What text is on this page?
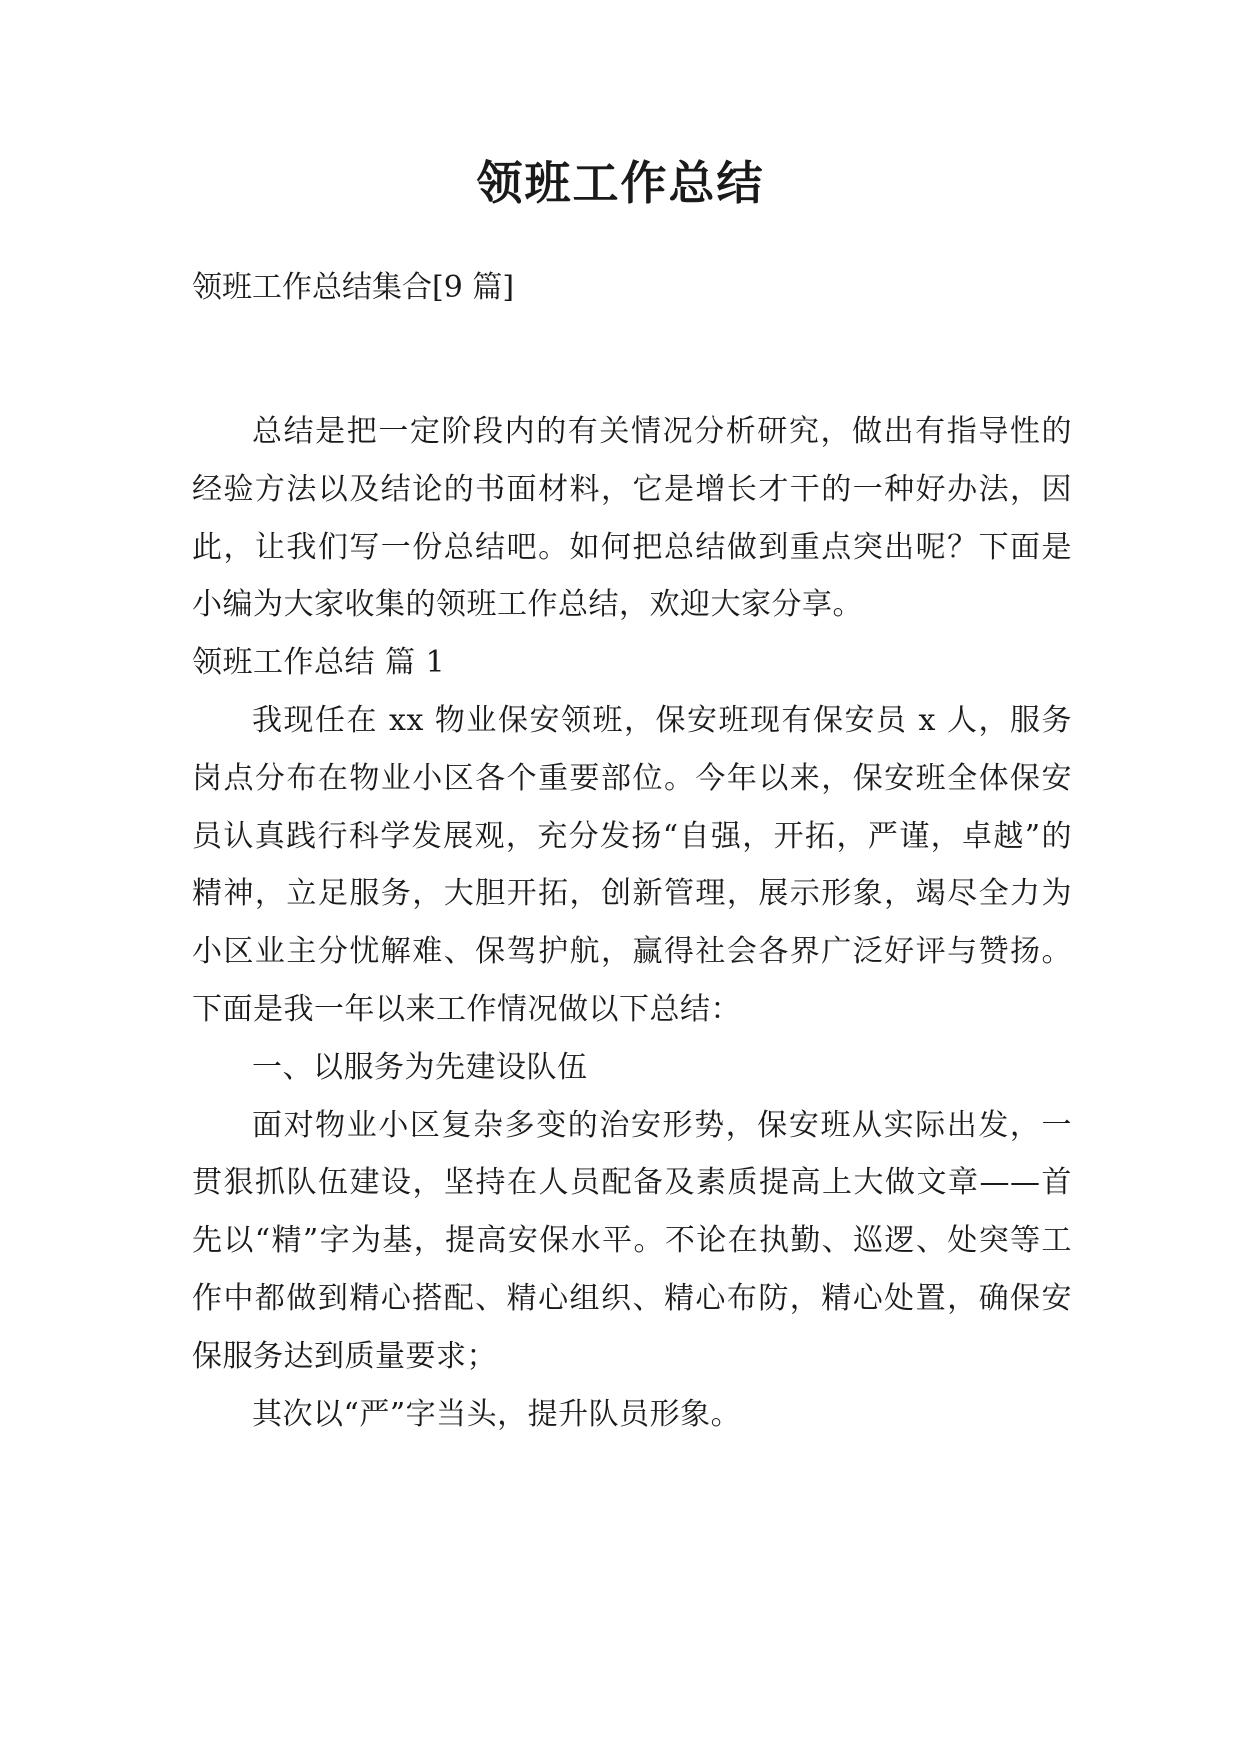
领班工作总结

领班工作总结集合[9 篇]

总结是把一定阶段内的有关情况分析研究，做出有指导性的经验方法以及结论的书面材料，它是增长才干的一种好办法，因此，让我们写一份总结吧。如何把总结做到重点突出呢？下面是小编为大家收集的领班工作总结，欢迎大家分享。

领班工作总结 篇 1

我现任在 xx 物业保安领班，保安班现有保安员 x 人，服务岗点分布在物业小区各个重要部位。今年以来，保安班全体保安员认真践行科学发展观，充分发扬“自强，开拓，严谨，卓越”的精神，立足服务，大胆开拓，创新管理，展示形象，竭尽全力为小区业主分忧解难、保驾护航，赢得社会各界广泛好评与赞扬。下面是我一年以来工作情况做以下总结：

一、以服务为先建设队伍

面对物业小区复杂多变的治安形势，保安班从实际出发，一贯狠抓队伍建设，坚持在人员配备及素质提高上大做文章——首先以“精”字为基，提高安保水平。不论在执勤、巡逻、处突等工作中都做到精心搭配、精心组织、精心布防，精心处置，确保安保服务达到质量要求；

其次以“严”字当头，提升队员形象。
